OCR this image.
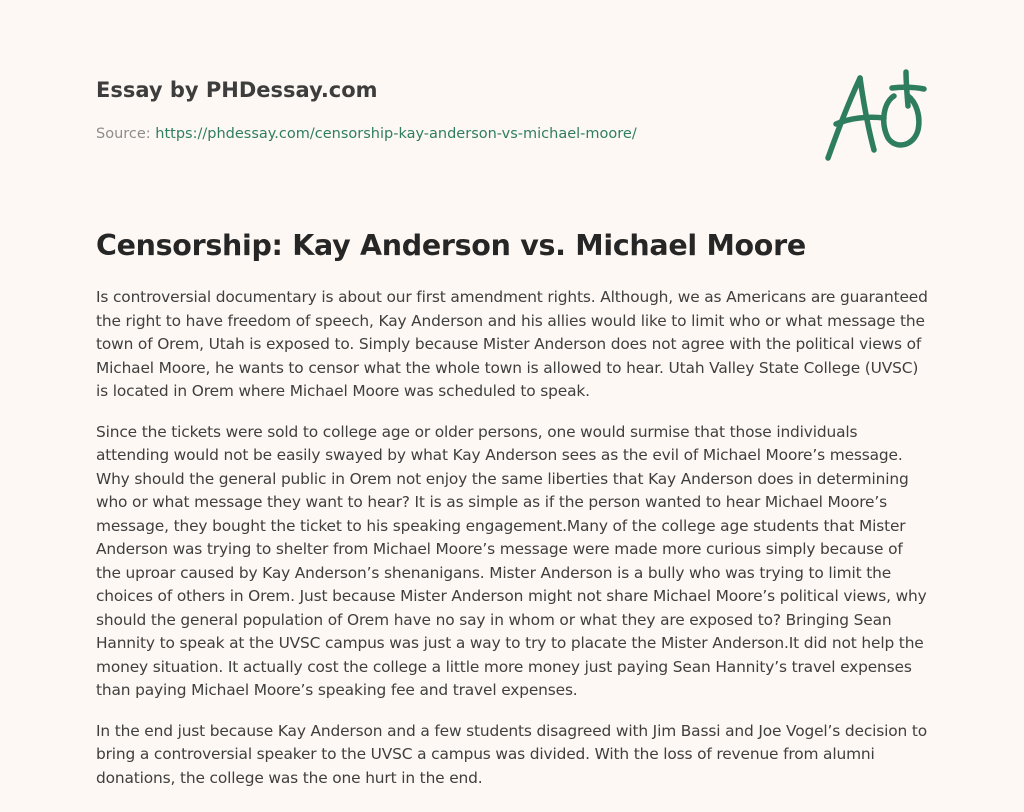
Essay by PHDessay.com
Source: https://phdessay.com/censorship-kay-anderson-vs-michael-moore/
Censorship: Kay Anderson vs. Michael Moore

Is controversial documentary is about our first amendment rights. Although, we as Americans are guaranteed the right to have freedom of speech, Kay Anderson and his allies would like to limit who or what message the town of Orem, Utah is exposed to. Simply because Mister Anderson does not agree with the political views of Michael Moore, he wants to censor what the whole town is allowed to hear. Utah Valley State College (UVSC) is located in Orem where Michael Moore was scheduled to speak.

Since the tickets were sold to college age or older persons, one would surmise that those individuals attending would not be easily swayed by what Kay Anderson sees as the evil of Michael Moore’s message. Why should the general public in Orem not enjoy the same liberties that Kay Anderson does in determining who or what message they want to hear? It is as simple as if the person wanted to hear Michael Moore’s message, they bought the ticket to his speaking engagement.Many of the college age students that Mister Anderson was trying to shelter from Michael Moore’s message were made more curious simply because of the uproar caused by Kay Anderson’s shenanigans. Mister Anderson is a bully who was trying to limit the choices of others in Orem. Just because Mister Anderson might not share Michael Moore’s political views, why should the general population of Orem have no say in whom or what they are exposed to? Bringing Sean Hannity to speak at the UVSC campus was just a way to try to placate the Mister Anderson.It did not help the money situation. It actually cost the college a little more money just paying Sean Hannity’s travel expenses than paying Michael Moore’s speaking fee and travel expenses.

In the end just because Kay Anderson and a few students disagreed with Jim Bassi and Joe Vogel’s decision to bring a controversial speaker to the UVSC a campus was divided. With the loss of revenue from alumni donations, the college was the one hurt in the end.
